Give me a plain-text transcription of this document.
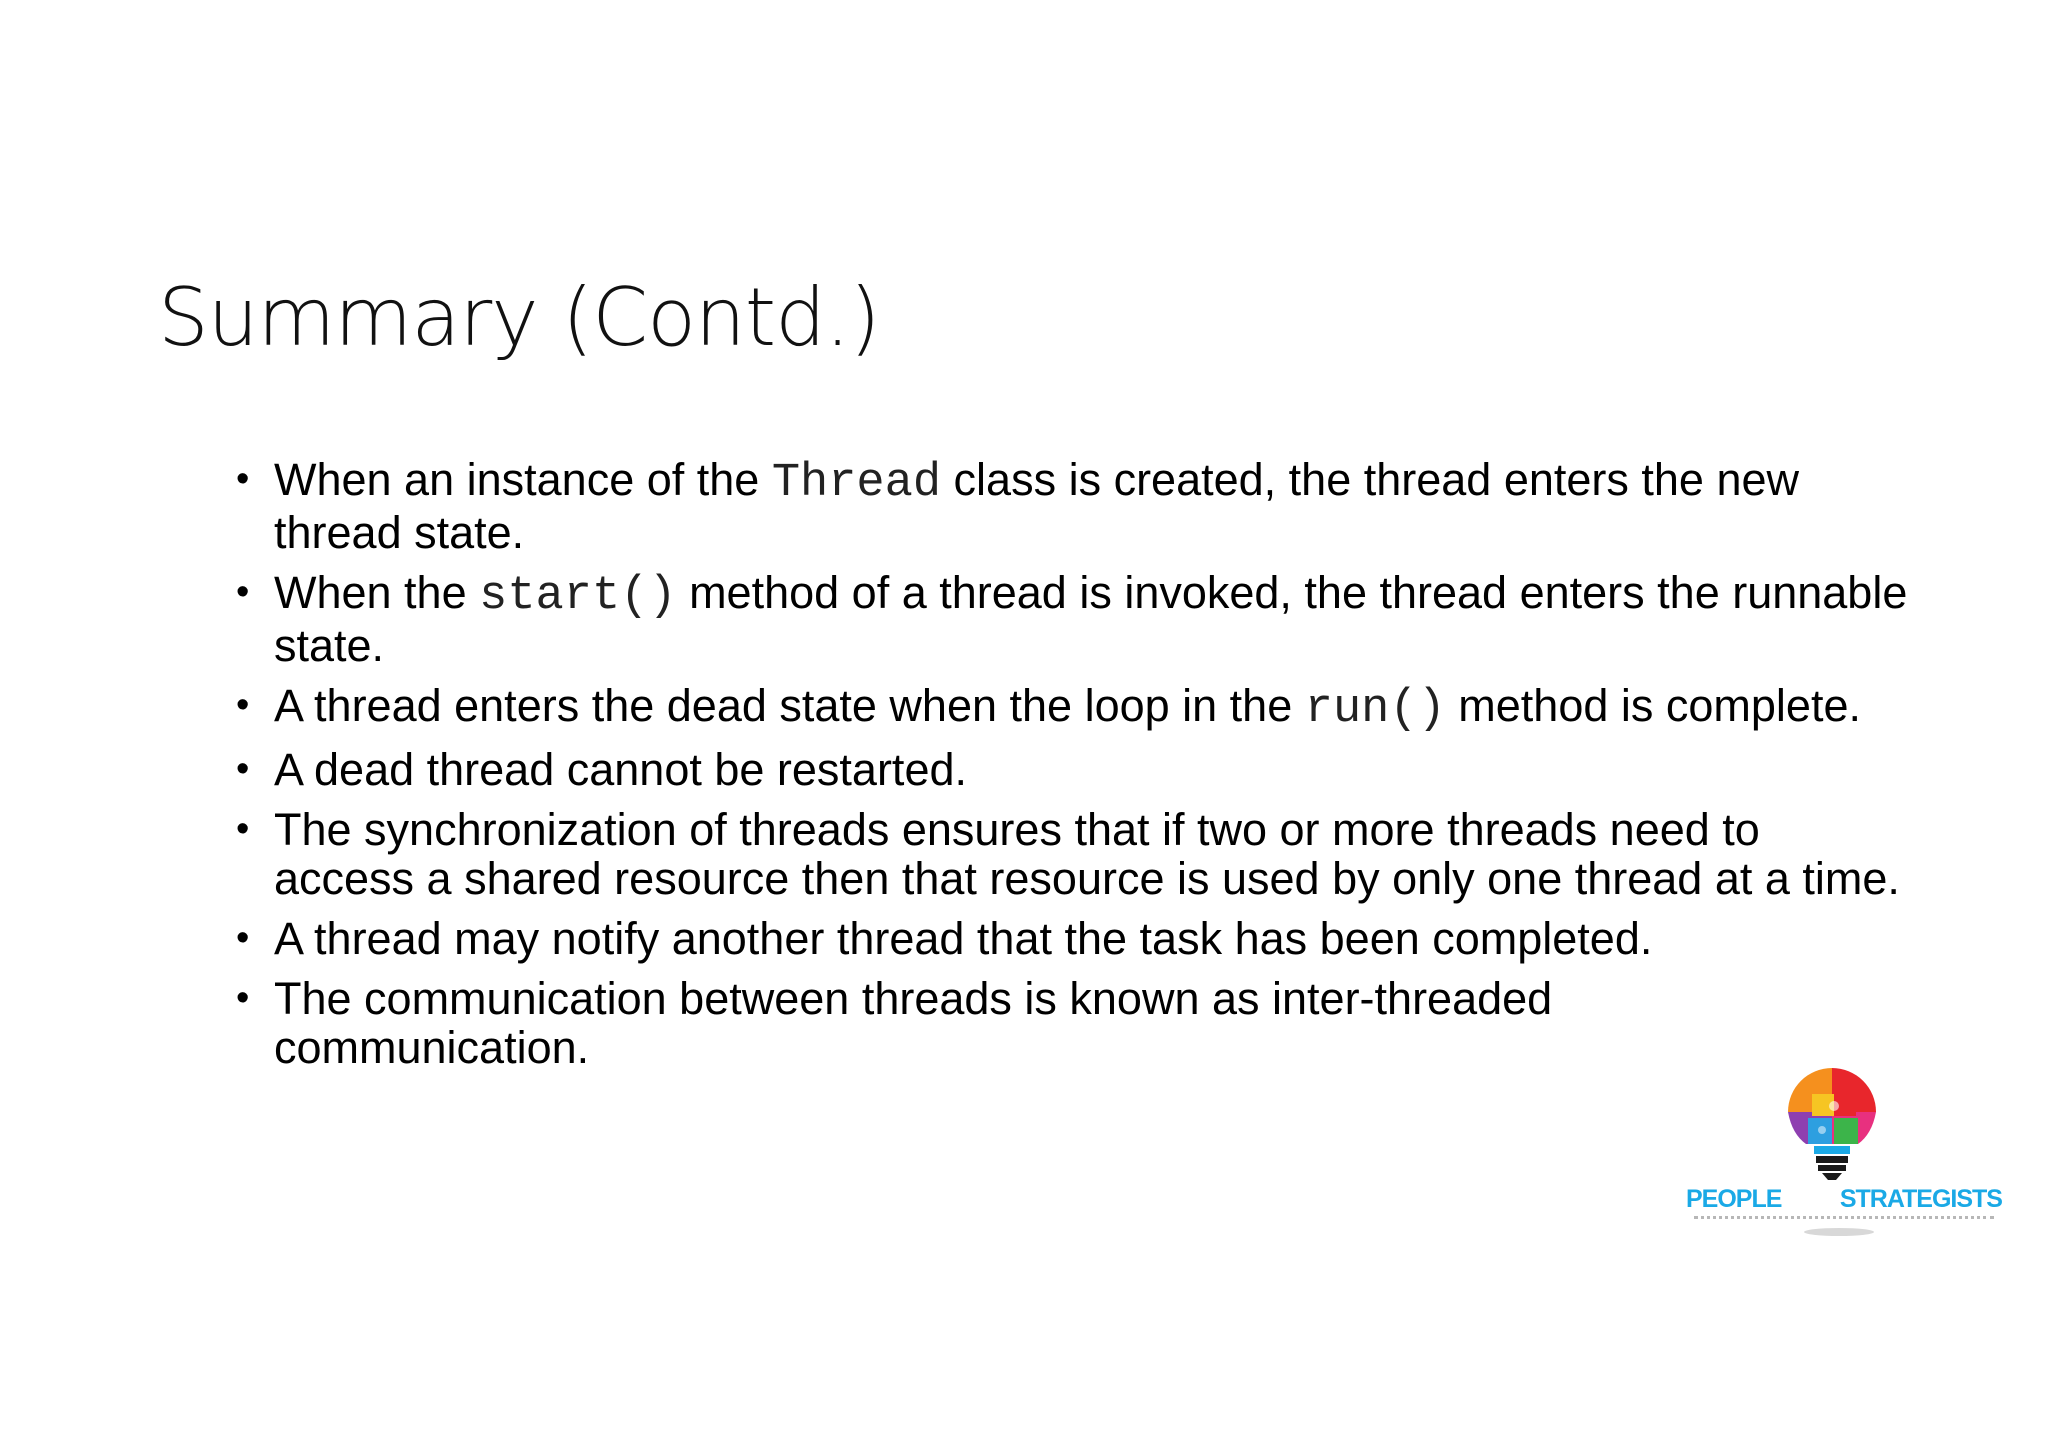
Summary (Contd.)
• When an instance of the Thread class is created, the thread enters the new thread state.
• When the start() method of a thread is invoked, the thread enters the runnable state.
• A thread enters the dead state when the loop in the run() method is complete.
• A dead thread cannot be restarted.
• The synchronization of threads ensures that if two or more threads need to access a shared resource then that resource is used by only one thread at a time.
• A thread may notify another thread that the task has been completed.
• The communication between threads is known as inter-threaded communication.
PEOPLE STRATEGISTS
